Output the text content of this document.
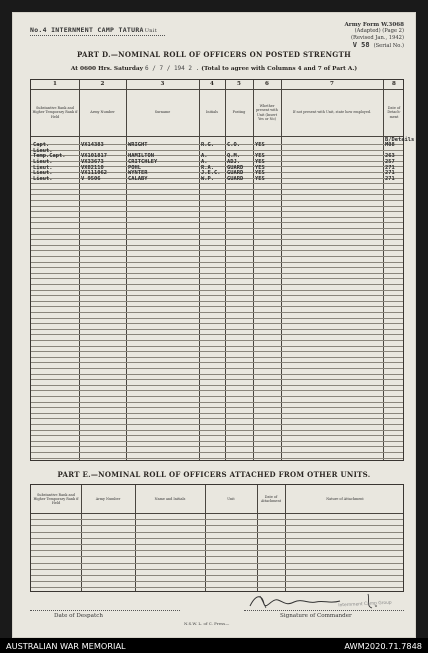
No.4 INTERNMENT CAMP TATURAUnit
Army Form W.3068
(Adapted) (Page 2)
(Revised Jan., 1942)
V 58 (Serial No.)
PART D.—NOMINAL ROLL OF OFFICERS ON POSTED STRENGTH
At 0600 Hrs. Saturday 6 / 7 / 194 2 . (Total to agree with Columns 4 and 7 of Part A.)
1	2	3	4	5	6	7	8
Substantive Rank and Higher Temporary Rank if Held
Army Number	Surname	Initials	Posting
Whether present with Unit (Insert Yes or No)
If not present with Unit, state how employed.
Date of Detach-ment
B/Details
Capt.	VX14383	WRIGHT	R.G. C.O.	YES	M08
Lieut.
Temp.Capt.	VX101817	HAMILTON	A.	Q.M.	YES	263
Lieut.	VX33673	CRITCHLEY	A.	ADJ.	YES	257
Lieut.	VX82110	POHL	R.A. GUARD YES	271
Lieut.	VX111062	WYNTER	J.E.C. GUARD YES	271
Lieut.	V 9506	CALABY	W.P. GUARD YES	271
PART E.—NOMINAL ROLL OF OFFICERS ATTACHED FROM OTHER UNITS.
Substantive Rank and Higher Temporary Rank if Held
Army Number	Name and Initials	Unit
Date of Attachment
Nature of Attachment
Date of Despatch
N.S.W. L. of C. Press—
Signature of Commander
Internment Camp Group
AUSTRALIAN WAR MEMORIAL	AWM2020.71.7848
